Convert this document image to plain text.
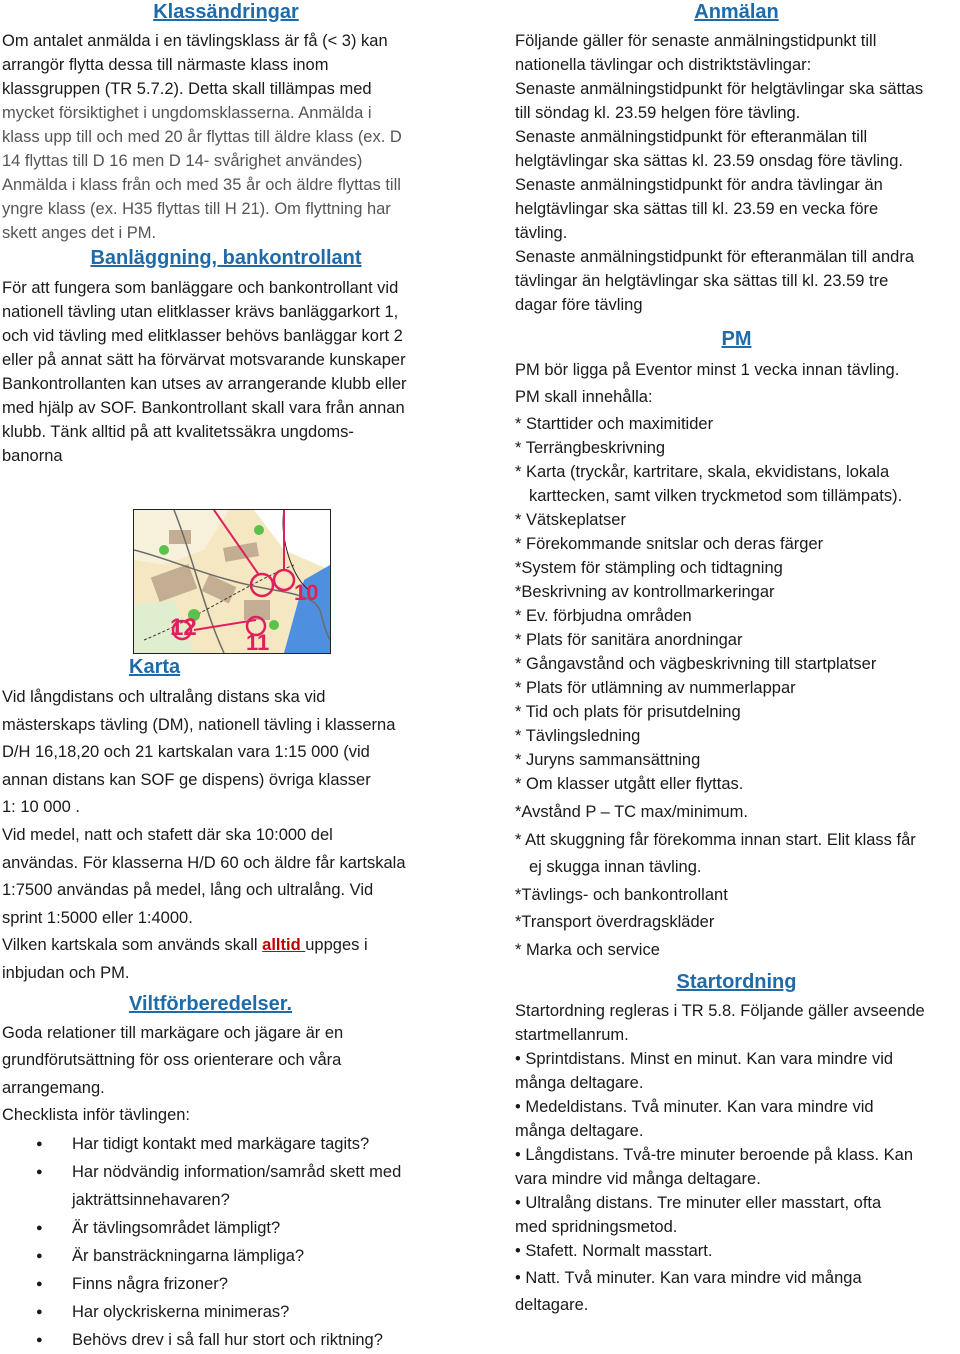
Klassändringar
Om antalet anmälda i en tävlingsklass är få (< 3) kan
arrangör flytta dessa till närmaste klass inom
klassgruppen (TR 5.7.2). Detta skall tillämpas med
mycket försiktighet i ungdomsklasserna. Anmälda i
klass upp till och med 20 år flyttas till äldre klass (ex. D
14 flyttas till D 16 men D 14- svårighet användes)
Anmälda i klass från och med 35 år och äldre flyttas till
yngre klass (ex. H35 flyttas till H 21). Om flyttning har
skett anges det i PM.
Banläggning, bankontrollant
För att fungera som banläggare och bankontrollant vid
nationell tävling utan elitklasser krävs banläggarkort 1,
och vid tävling med elitklasser behövs banläggar kort 2
eller på annat sätt ha förvärvat motsvarande kunskaper
Bankontrollanten kan utses av arrangerande klubb eller
med hjälp av SOF. Bankontrollant skall vara från annan
klubb. Tänk alltid på att kvalitetssäkra ungdoms-
banorna
10
11
12
Karta
Vid långdistans och ultralång distans ska vid
mästerskaps tävling (DM), nationell tävling i klasserna
D/H 16,18,20 och 21 kartskalan vara 1:15 000 (vid
annan distans kan SOF ge dispens) övriga klasser
1: 10 000 .
Vid medel, natt och stafett där ska 10:000 del
användas. För klasserna H/D 60 och äldre får kartskala
1:7500 användas på medel, lång och ultralång. Vid
sprint 1:5000 eller 1:4000.
Vilken kartskala som används skall alltid uppges i
inbjudan och PM.
Viltförberedelser.
Goda relationer till markägare och jägare är en
grundförutsättning för oss orienterare och våra
arrangemang.
Checklista inför tävlingen:
● Har tidigt kontakt med markägare tagits?
● Har nödvändig information/samråd skett med
jakträttsinnehavaren?
● Är tävlingsområdet lämpligt?
● Är bansträckningarna lämpliga?
● Finns några frizoner?
● Har olyckriskerna minimeras?
● Behövs drev i så fall hur stort och riktning?
Anmälan
Följande gäller för senaste anmälningstidpunkt till
nationella tävlingar och distriktstävlingar:
Senaste anmälningstidpunkt för helgtävlingar ska sättas
till söndag kl. 23.59 helgen före tävling.
Senaste anmälningstidpunkt för efteranmälan till
helgtävlingar ska sättas kl. 23.59 onsdag före tävling.
Senaste anmälningstidpunkt för andra tävlingar än
helgtävlingar ska sättas till kl. 23.59 en vecka före
tävling.
Senaste anmälningstidpunkt för efteranmälan till andra
tävlingar än helgtävlingar ska sättas till kl. 23.59 tre
dagar före tävling
PM
PM bör ligga på Eventor minst 1 vecka innan tävling.
PM skall innehålla:
* Starttider och maximitider
* Terrängbeskrivning
* Karta (tryckår, kartritare, skala, ekvidistans, lokala
karttecken, samt vilken tryckmetod som tillämpats).
* Vätskeplatser
* Förekommande snitslar och deras färger
*System för stämpling och tidtagning
*Beskrivning av kontrollmarkeringar
* Ev. förbjudna områden
* Plats för sanitära anordningar
* Gångavstånd och vägbeskrivning till startplatser
* Plats för utlämning av nummerlappar
* Tid och plats för prisutdelning
* Tävlingsledning
* Juryns sammansättning
* Om klasser utgått eller flyttas.
*Avstånd P – TC max/minimum.
* Att skuggning får förekomma innan start. Elit klass får
ej skugga innan tävling.
*Tävlings- och bankontrollant
*Transport överdragskläder
* Marka och service
Startordning
Startordning regleras i TR 5.8. Följande gäller avseende
startmellanrum.
• Sprintdistans. Minst en minut. Kan vara mindre vid
många deltagare.
• Medeldistans. Två minuter. Kan vara mindre vid
många deltagare.
• Långdistans. Två-tre minuter beroende på klass. Kan
vara mindre vid många deltagare.
• Ultralång distans. Tre minuter eller masstart, ofta
med spridningsmetod.
• Stafett. Normalt masstart.
• Natt. Två minuter. Kan vara mindre vid många
deltagare.
